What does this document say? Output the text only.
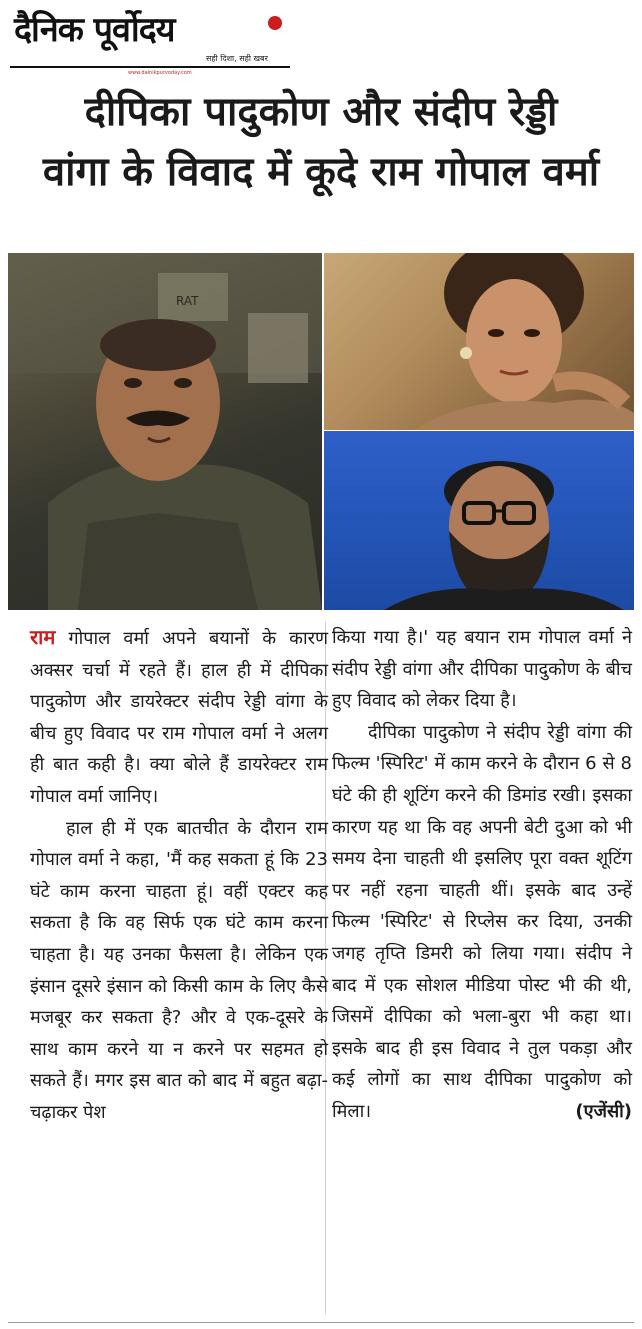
दैनिक पूर्वोदय
सही दिशा, सही खबर
www.dainikpurvoday.com
दीपिका पादुकोण और संदीप रेड्डी
वांगा के विवाद में कूदे राम गोपाल वर्मा
RAT

राम गोपाल वर्मा अपने बयानों के कारण अक्सर चर्चा में रहते हैं। हाल ही में दीपिका पादुकोण और डायरेक्टर संदीप रेड्डी वांगा के बीच हुए विवाद पर राम गोपाल वर्मा ने अलग ही बात कही है। क्या बोले हैं डायरेक्टर राम गोपाल वर्मा जानिए।

हाल ही में एक बातचीत के दौरान राम गोपाल वर्मा ने कहा, 'मैं कह सकता हूं कि 23 घंटे काम करना चाहता हूं। वहीं एक्टर कह सकता है कि वह सिर्फ एक घंटे काम करना चाहता है। यह उनका फैसला है। लेकिन एक इंसान दूसरे इंसान को किसी काम के लिए कैसे मजबूर कर सकता है? और वे एक-दूसरे के साथ काम करने या न करने पर सहमत हो सकते हैं। मगर इस बात को बाद में बहुत बढ़ा-चढ़ाकर पेश

किया गया है।' यह बयान राम गोपाल वर्मा ने संदीप रेड्डी वांगा और दीपिका पादुकोण के बीच हुए विवाद को लेकर दिया है।

दीपिका पादुकोण ने संदीप रेड्डी वांगा की फिल्म 'स्पिरिट' में काम करने के दौरान 6 से 8 घंटे की ही शूटिंग करने की डिमांड रखी। इसका कारण यह था कि वह अपनी बेटी दुआ को भी समय देना चाहती थी इसलिए पूरा वक्त शूटिंग पर नहीं रहना चाहती थीं। इसके बाद उन्हें फिल्म 'स्पिरिट' से रिप्लेस कर दिया, उनकी जगह तृप्ति डिमरी को लिया गया। संदीप ने बाद में एक सोशल मीडिया पोस्ट भी की थी, जिसमें दीपिका को भला-बुरा भी कहा था। इसके बाद ही इस विवाद ने तुल पकड़ा और कई लोगों का साथ दीपिका पादुकोण को मिला।	(एजेंसी)
